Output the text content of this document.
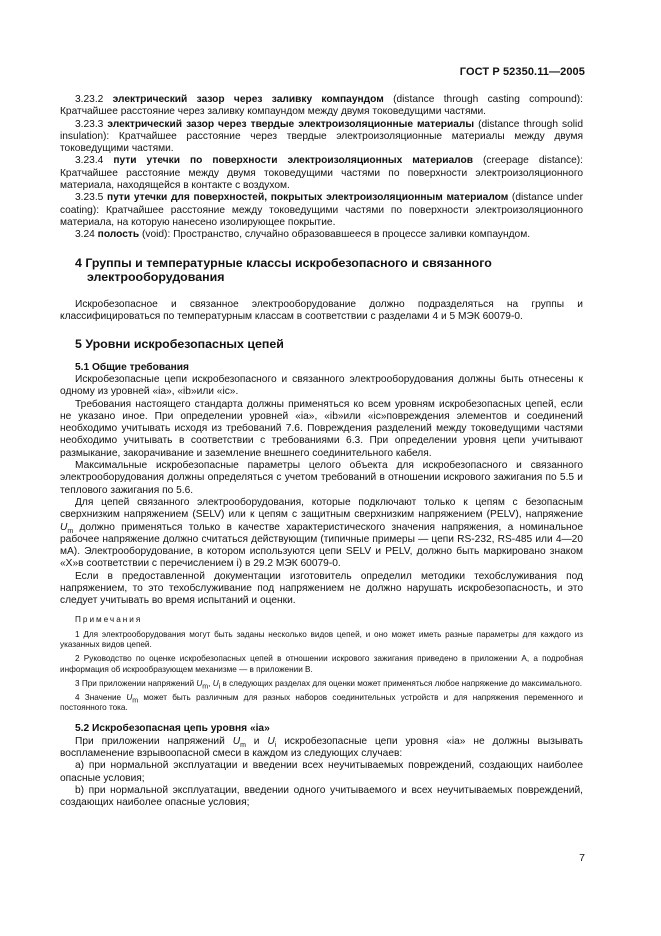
ГОСТ Р 52350.11—2005

3.23.2 электрический зазор через заливку компаундом (distance through casting compound): Кратчайшее расстояние через заливку компаундом между двумя токоведущими частями.

3.23.3 электрический зазор через твердые электроизоляционные материалы (distance through solid insulation): Кратчайшее расстояние через твердые электроизоляционные материалы между двумя токоведущими частями.

3.23.4 пути утечки по поверхности электроизоляционных материалов (creepage distance): Кратчайшее расстояние между двумя токоведущими частями по поверхности электроизоляционного материала, находящейся в контакте с воздухом.

3.23.5 пути утечки для поверхностей, покрытых электроизоляционным материалом (distance under coating): Кратчайшее расстояние между токоведущими частями по поверхности электроизоляционного материала, на которую нанесено изолирующее покрытие.

3.24 полость (void): Пространство, случайно образовавшееся в процессе заливки компаундом.

4 Группы и температурные классы искробезопасного и связанного
электрооборудования

Искробезопасное и связанное электрооборудование должно подразделяться на группы и классифицироваться по температурным классам в соответствии с разделами 4 и 5 МЭК 60079-0.

5 Уровни искробезопасных цепей

5.1 Общие требования

Искробезопасные цепи искробезопасного и связанного электрооборудования должны быть отнесены к одному из уровней «ia», «ib»или «ic».

Требования настоящего стандарта должны применяться ко всем уровням искробезопасных цепей, если не указано иное. При определении уровней «ia», «ib»или «ic»повреждения элементов и соединений необходимо учитывать исходя из требований 7.6. Повреждения разделений между токоведущими частями необходимо учитывать в соответствии с требованиями 6.3. При определении уровня цепи учитывают размыкание, закорачивание и заземление внешнего соединительного кабеля.

Максимальные искробезопасные параметры целого объекта для искробезопасного и связанного электрооборудования должны определяться с учетом требований в отношении искрового зажигания по 5.5 и теплового зажигания по 5.6.

Для цепей связанного электрооборудования, которые подключают только к цепям с безопасным сверхнизким напряжением (SELV) или к цепям с защитным сверхнизким напряжением (PELV), напряжение $U_m$ должно применяться только в качестве характеристического значения напряжения, а номинальное рабочее напряжение должно считаться действующим (типичные примеры — цепи RS-232, RS-485 или 4—20 мА). Электрооборудование, в котором используются цепи SELV и PELV, должно быть маркировано знаком «X»в соответствии с перечислением i) в 29.2 МЭК 60079-0.

Если в предоставленной документации изготовитель определил методики техобслуживания под напряжением, то это техобслуживание под напряжением не должно нарушать искробезопасность, и это следует учитывать во время испытаний и оценки.

Примечания

1 Для электрооборудования могут быть заданы несколько видов цепей, и оно может иметь разные параметры для каждого из указанных видов цепей.

2 Руководство по оценке искробезопасных цепей в отношении искрового зажигания приведено в приложении А, а подробная информация об искрообразующем механизме — в приложении В.

3 При приложении напряжений $U_m$, $U_i$ в следующих разделах для оценки может применяться любое напряжение до максимального.

4 Значение $U_m$ может быть различным для разных наборов соединительных устройств и для напряжения переменного и постоянного тока.

5.2 Искробезопасная цепь уровня «ia»

При приложении напряжений $U_m$ и $U_i$ искробезопасные цепи уровня «ia» не должны вызывать воспламенение взрывоопасной смеси в каждом из следующих случаев:

a) при нормальной эксплуатации и введении всех неучитываемых повреждений, создающих наиболее опасные условия;

b) при нормальной эксплуатации, введении одного учитываемого и всех неучитываемых повреждений, создающих наиболее опасные условия;

7
